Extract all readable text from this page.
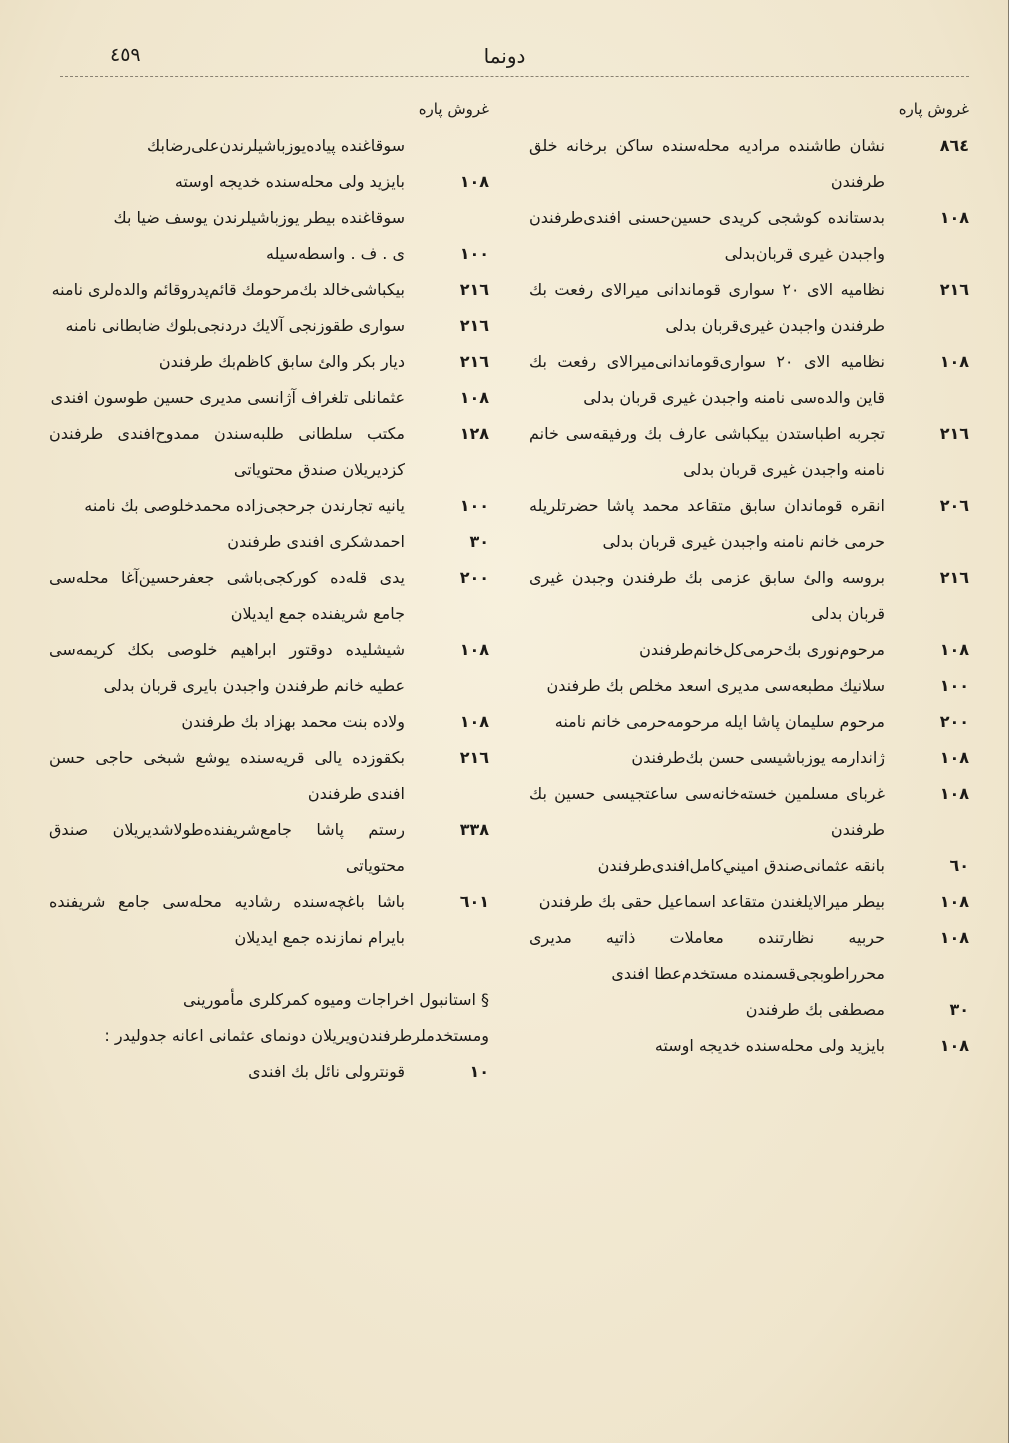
٤٥٩	دونما
غروش پاره
غروش پاره
٨٦٤
نشان طاشنده مراديه محله‌سنده ساكن برخانه خلق طرفندن
١٠٨
بدستانده كوشجی كريدی حسين‌حسنی افندی‌طرفندن واجبدن غيری قربان‌بدلی
٢١٦
نظاميه الای ٢٠ سواری قوماندانی ميرالای رفعت بك طرفندن واجبدن غيری‌قربان بدلی
١٠٨
نظاميه الای ٢٠ سواری‌قوماندانی‌ميرالای رفعت بك قاین والده‌سی نامنه واجبدن غيری قربان بدلی
٢١٦
تجربه اطباستدن بيكباشی عارف بك ورفيقه‌سی خانم نامنه واجبدن غيری قربان بدلی
٢٠٦
انقره قوماندان سابق متقاعد محمد پاشا حضرتلريله حرمی خانم نامنه واجبدن غيری قربان بدلی
٢١٦
بروسه والئ سابق عزمی بك طرفندن وجبدن غيری قربان بدلی
١٠٨
مرحوم‌نوری بك‌حرمی‌كل‌خانم‌طرفندن
١٠٠
سلانيك مطبعه‌سی مديری اسعد مخلص بك طرفندن
٢٠٠
مرحوم سليمان پاشا ايله مرحومه‌حرمی خانم نامنه
١٠٨
ژاندارمه يوزباشيسی حسن بك‌طرفندن
١٠٨
غربای مسلمين خسته‌خانه‌سی ساعتجيسی حسين بك طرفندن
٦٠
بانقه‌ عثمانی‌صندق اميني‌كامل‌افندی‌طرفندن
١٠٨
بيطر ميرالايلغندن متقاعد اسماعيل حقی بك طرفندن
١٠٨
حربيه نظارتنده معاملات ذاتيه مديری محرراطوبجی‌قسمنده مستخدم‌عطا افندی
٣٠
مصطفی بك طرفندن
١٠٨
بايزيد ولی محله‌سنده خديجه اوسته
سوقاغنده پياده‌يوزباشيلرندن‌علی‌رضابك
١٠٨
بايزيد ولی محله‌سنده خديجه اوسته
سوقاغنده بيطر يوزباشيلرندن يوسف ضيا بك
١٠٠
ی . ف . واسطه‌سيله
٢١٦
بيكباشی‌خالد بك‌مرحومك قائم‌پدروقائم والده‌لری نامنه
٢١٦
سواری طقوزنجی آلايك دردنجی‌بلوك ضابطانی نامنه
٢١٦
ديار بكر والئ سابق كاظم‌بك طرفندن
١٠٨
عثمانلی تلغراف آژانسی مديری حسين طوسون افندی
١٢٨
مكتب سلطانی طلبه‌سندن ممدوح‌افندی طرفندن كزديريلان صندق محتوياتی
١٠٠
يانيه تجارندن جرحجی‌زاده محمدخلوصی بك نامنه
٣٠
احمدشكری افندی طرفندن
٢٠٠
يدی قله‌ده كوركجی‌باشی جعفرحسين‌آغا محله‌سی جامع شريفنده جمع ايديلان
١٠٨
شيشليده دوقتور ابراهيم خلوصی بكك كريمه‌سی عطيه خانم طرفندن واجبدن بايری قربان بدلی
١٠٨
ولاده بنت محمد بهزاد بك طرفندن
٢١٦
بكقوزده يالی قريه‌سنده يوشع شبخی حاجی حسن افندی طرفندن
٣٣٨
رستم پاشا جامع‌شريفنده‌طولاشديريلان صندق محتوياتی
٦٠١
باشا باغچه‌سنده رشاديه محله‌سی جامع شريفنده بايرام نمازنده جمع ايديلان
§ استانبول اخراجات وميوه كمركلری مأمورينی ومستخدملرطرفندن‌ويريلان دونمای عثمانی اعانه جدوليدر :
١٠
قونترولی نائل بك افندی
